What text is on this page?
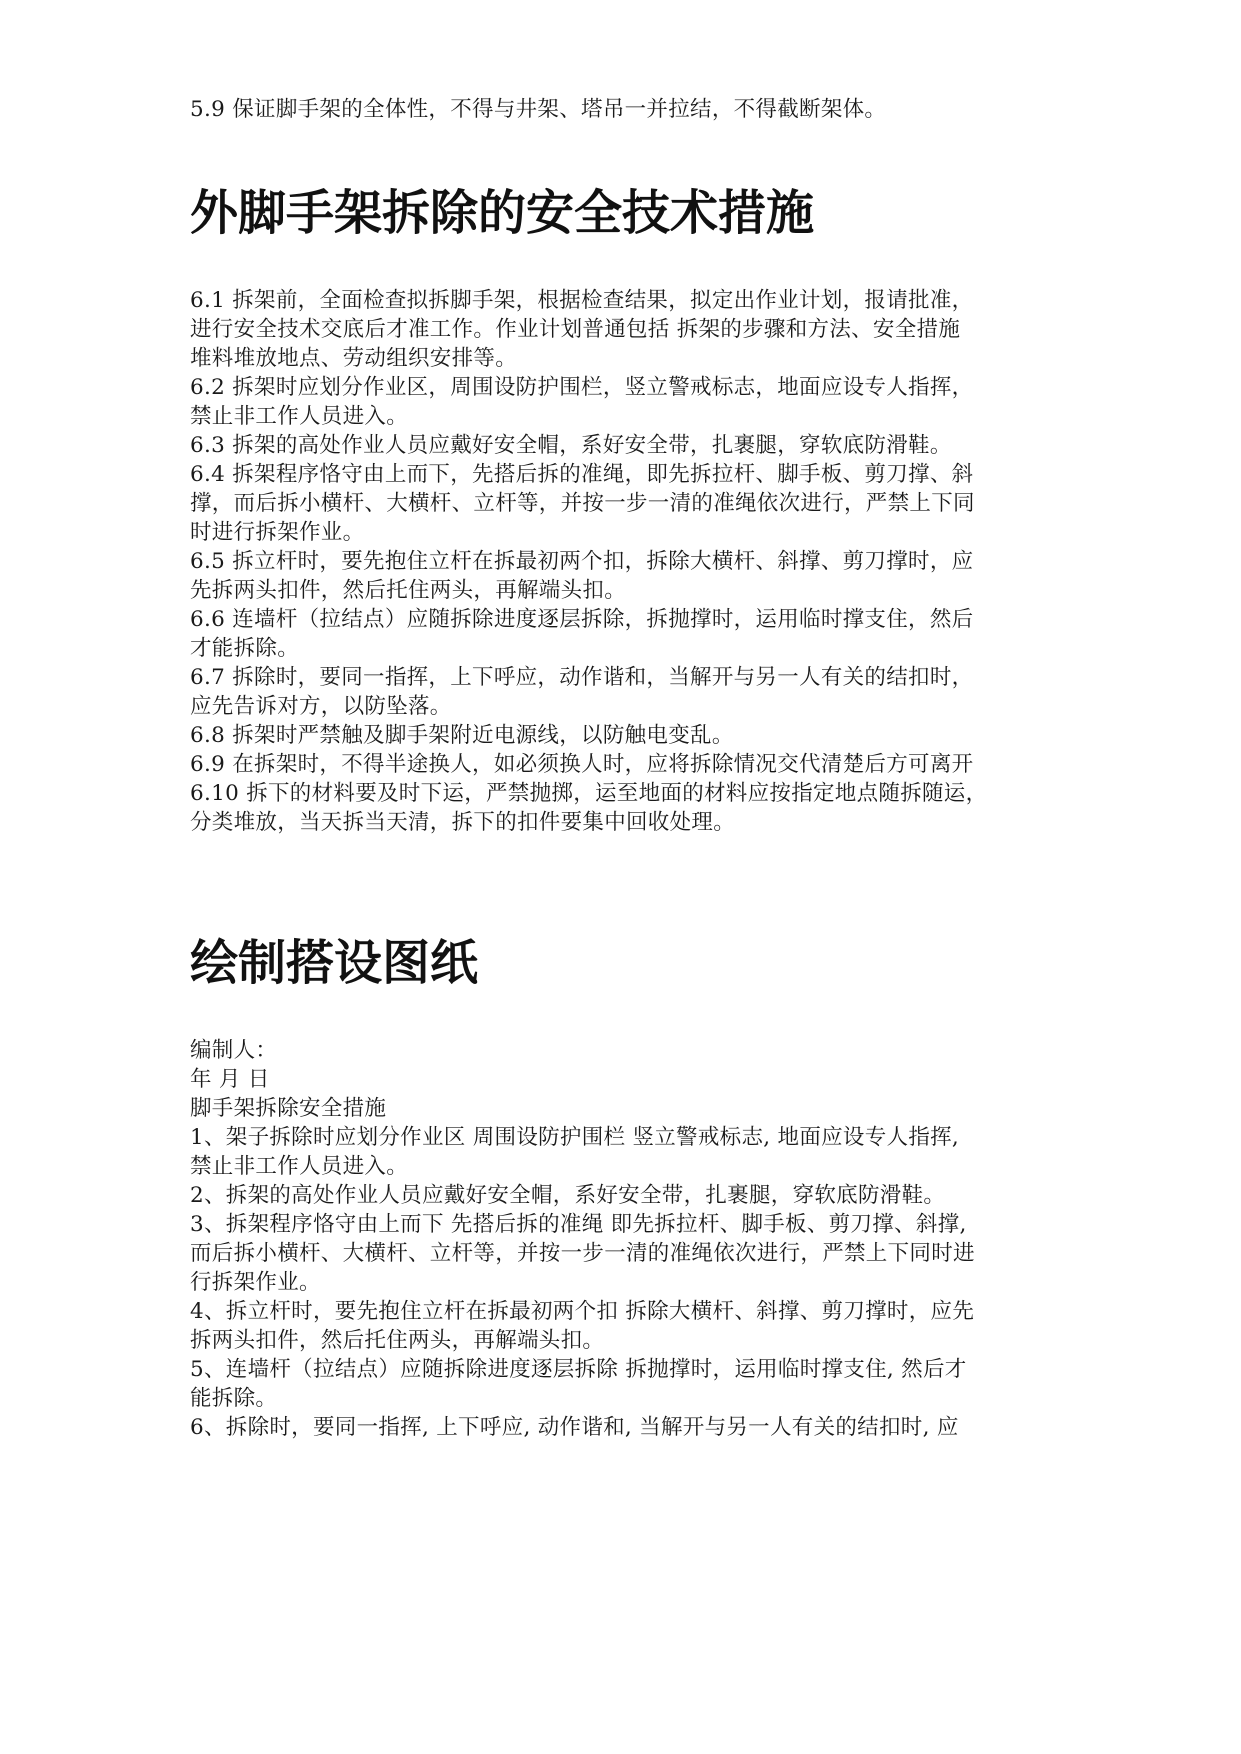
5.9 保证脚手架的全体性，不得与井架、塔吊一并拉结，不得截断架体。
外脚手架拆除的安全技术措施
6.1 拆架前，全面检查拟拆脚手架，根据检查结果，拟定出作业计划，报请批准，
进行安全技术交底后才准工作。作业计划普通包括 拆架的步骤和方法、安全措施
堆料堆放地点、劳动组织安排等。
6.2 拆架时应划分作业区，周围设防护围栏，竖立警戒标志，地面应设专人指挥，
禁止非工作人员进入。
6.3 拆架的高处作业人员应戴好安全帽，系好安全带，扎裹腿，穿软底防滑鞋。
6.4 拆架程序恪守由上而下，先搭后拆的准绳，即先拆拉杆、脚手板、剪刀撑、斜
撑，而后拆小横杆、大横杆、立杆等，并按一步一清的准绳依次进行，严禁上下同
时进行拆架作业。
6.5 拆立杆时，要先抱住立杆在拆最初两个扣，拆除大横杆、斜撑、剪刀撑时，应
先拆两头扣件，然后托住两头，再解端头扣。
6.6 连墙杆（拉结点）应随拆除进度逐层拆除，拆抛撑时，运用临时撑支住，然后
才能拆除。
6.7 拆除时，要同一指挥，上下呼应，动作谐和，当解开与另一人有关的结扣时，
应先告诉对方，以防坠落。
6.8 拆架时严禁触及脚手架附近电源线，以防触电变乱。
6.9 在拆架时，不得半途换人，如必须换人时，应将拆除情况交代清楚后方可离开
6.10 拆下的材料要及时下运，严禁抛掷，运至地面的材料应按指定地点随拆随运，
分类堆放，当天拆当天清，拆下的扣件要集中回收处理。
绘制搭设图纸
编制人：
年 月 日
脚手架拆除安全措施
1、架子拆除时应划分作业区 周围设防护围栏 竖立警戒标志, 地面应设专人指挥,
禁止非工作人员进入。
2、拆架的高处作业人员应戴好安全帽，系好安全带，扎裹腿，穿软底防滑鞋。
3、拆架程序恪守由上而下 先搭后拆的准绳 即先拆拉杆、脚手板、剪刀撑、斜撑,
而后拆小横杆、大横杆、立杆等，并按一步一清的准绳依次进行，严禁上下同时进
行拆架作业。
4、拆立杆时，要先抱住立杆在拆最初两个扣 拆除大横杆、斜撑、剪刀撑时，应先
拆两头扣件，然后托住两头，再解端头扣。
5、连墙杆（拉结点）应随拆除进度逐层拆除 拆抛撑时，运用临时撑支住, 然后才
能拆除。
6、拆除时，要同一指挥, 上下呼应, 动作谐和, 当解开与另一人有关的结扣时, 应
